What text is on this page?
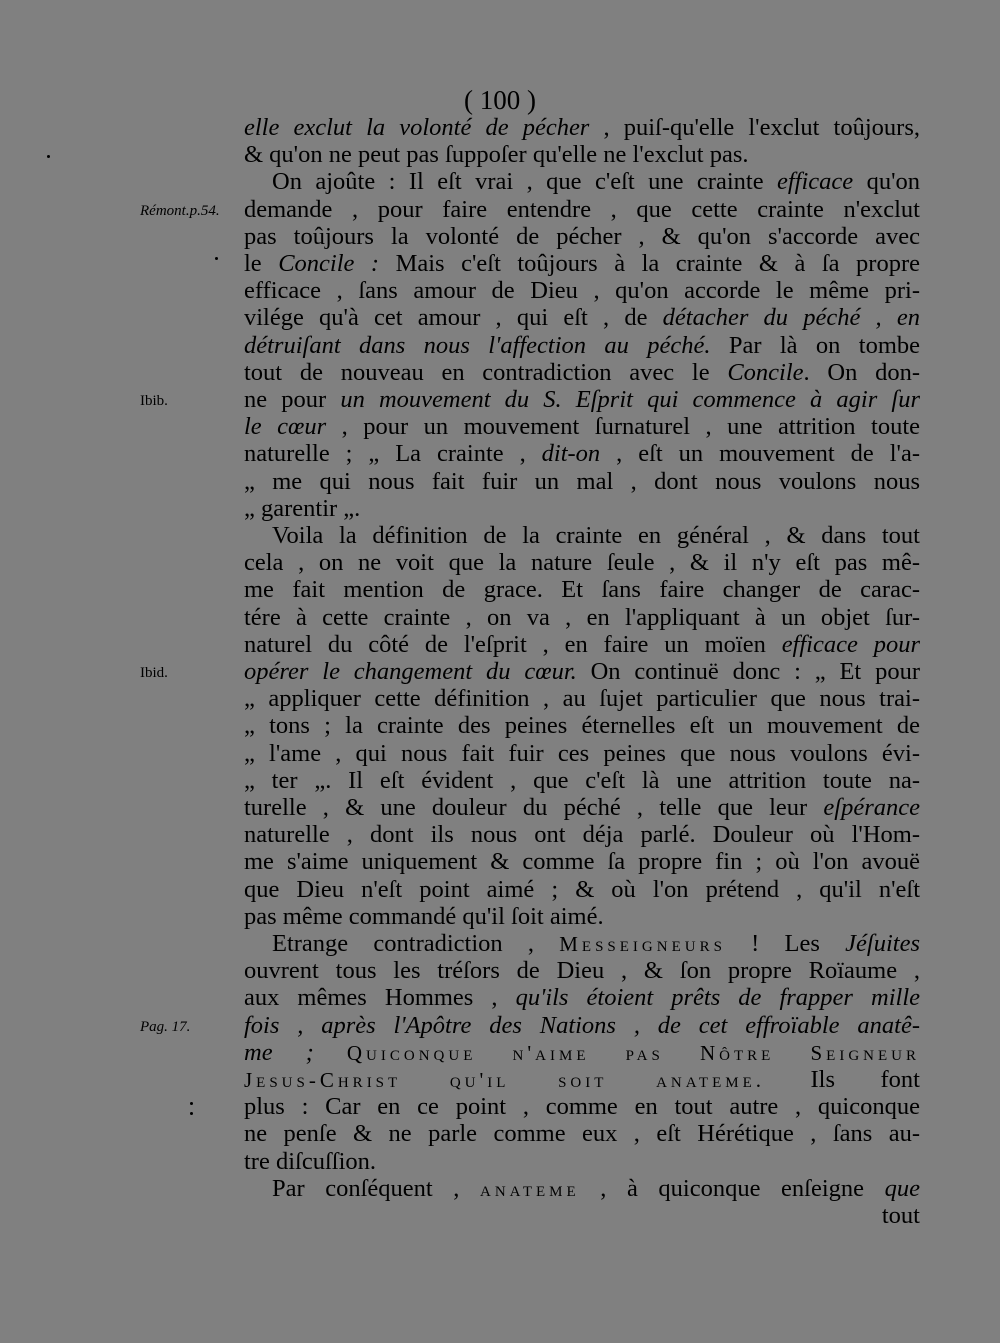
( 100 )
elle exclut la volonté de pécher , puiſ-qu'elle l'exclut toûjours,
& qu'on ne peut pas ſuppoſer qu'elle ne l'exclut pas.
On ajoûte : Il eſt vrai , que c'eſt une crainte efficace qu'on
demande , pour faire entendre , que cette crainte n'exclut
pas toûjours la volonté de pécher , & qu'on s'accorde avec
le Concile : Mais c'eſt toûjours à la crainte & à ſa propre
efficace , ſans amour de Dieu , qu'on accorde le même pri-
vilége qu'à cet amour , qui eſt , de détacher du péché , en
détruiſant dans nous l'affection au péché. Par là on tombe
tout de nouveau en contradiction avec le Concile. On don-
ne pour un mouvement du S. Eſprit qui commence à agir ſur
le cœur , pour un mouvement ſurnaturel , une attrition toute
naturelle ; „ La crainte , dit-on , eſt un mouvement de l'a-
„ me qui nous fait fuir un mal , dont nous voulons nous
„ garentir „.
Voila la définition de la crainte en général , & dans tout
cela , on ne voit que la nature ſeule , & il n'y eſt pas mê-
me fait mention de grace. Et ſans faire changer de carac-
tére à cette crainte , on va , en l'appliquant à un objet ſur-
naturel du côté de l'eſprit , en faire un moïen efficace pour
opérer le changement du cœur. On continuë donc : „ Et pour
„ appliquer cette définition , au ſujet particulier que nous trai-
„ tons ; la crainte des peines éternelles eſt un mouvement de
„ l'ame , qui nous fait fuir ces peines que nous voulons évi-
„ ter „. Il eſt évident , que c'eſt là une attrition toute na-
turelle , & une douleur du péché , telle que leur eſpérance
naturelle , dont ils nous ont déja parlé. Douleur où l'Hom-
me s'aime uniquement & comme ſa propre fin ; où l'on avouë
que Dieu n'eſt point aimé ; & où l'on prétend , qu'il n'eſt
pas même commandé qu'il ſoit aimé.
Etrange contradiction , Messeigneurs ! Les Jéſuites
ouvrent tous les tréſors de Dieu , & ſon propre Roïaume ,
aux mêmes Hommes , qu'ils étoient prêts de frapper mille
fois , après l'Apôtre des Nations , de cet effroïable anatê-
me ; Quiconque n'aime pas Nôtre Seigneur
Jesus-Christ qu'il soit anateme. Ils font
plus : Car en ce point , comme en tout autre , quiconque
ne penſe & ne parle comme eux , eſt Hérétique , ſans au-
tre diſcuſſion.
Par conſéquent , anateme , à quiconque enſeigne que
tout
Rémont.p.54.
Ibib.
Ibid.
Pag. 17.
